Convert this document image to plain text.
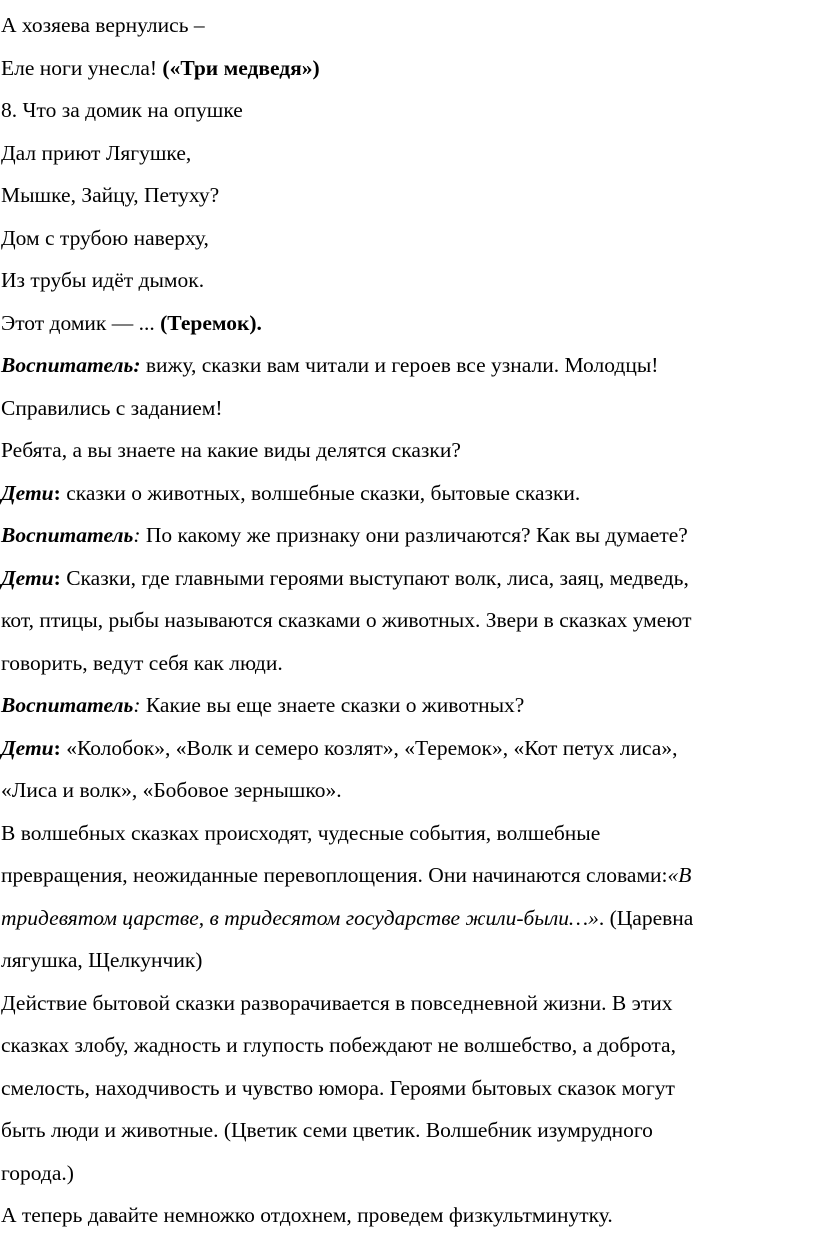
А хозяева вернулись –
Еле ноги унесла! («Три медведя»)
8. Что за домик на опушке
Дал приют Лягушке,
Мышке, Зайцу, Петуху?
Дом с трубою наверху,
Из трубы идёт дымок.
Этот домик — ... (Теремок).
Воспитатель: вижу, сказки вам читали и героев все узнали. Молодцы!
Справились с заданием!
Ребята, а вы знаете на какие виды делятся сказки?
Дети: сказки о животных, волшебные сказки, бытовые сказки.
Воспитатель: По какому же признаку они различаются? Как вы думаете?
Дети: Сказки, где главными героями выступают волк, лиса, заяц, медведь,
кот, птицы, рыбы называются сказками о животных. Звери в сказках умеют
говорить, ведут себя как люди.
Воспитатель: Какие вы еще знаете сказки о животных?
Дети: «Колобок», «Волк и семеро козлят», «Теремок», «Кот петух лиса»,
«Лиса и волк», «Бобовое зернышко».
В волшебных сказках происходят, чудесные события, волшебные
превращения, неожиданные перевоплощения. Они начинаются словами:«В
тридевятом царстве, в тридесятом государстве жили-были…». (Царевна
лягушка, Щелкунчик)
Действие бытовой сказки разворачивается в повседневной жизни. В этих
сказках злобу, жадность и глупость побеждают не волшебство, а доброта,
смелость, находчивость и чувство юмора. Героями бытовых сказок могут
быть люди и животные. (Цветик семи цветик. Волшебник изумрудного
города.)
А теперь давайте немножко отдохнем, проведем физкультминутку.
